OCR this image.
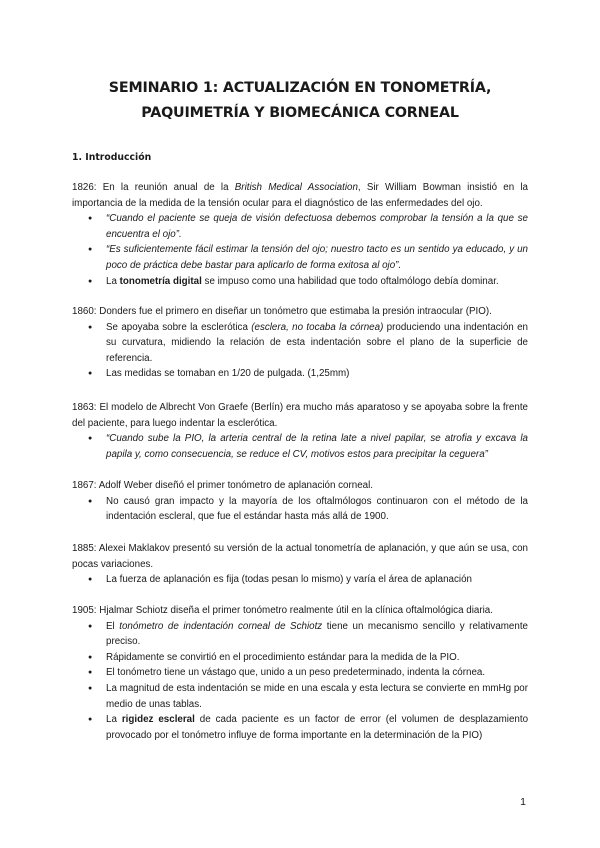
SEMINARIO 1: ACTUALIZACIÓN EN TONOMETRÍA,
PAQUIMETRÍA Y BIOMECÁNICA CORNEAL
1. Introducción

1826: En la reunión anual de la British Medical Association, Sir William Bowman insistió en la importancia de la medida de la tensión ocular para el diagnóstico de las enfermedades del ojo.

● “Cuando el paciente se queja de visión defectuosa debemos comprobar la tensión a la que se encuentra el ojo”.
● “Es suficientemente fácil estimar la tensión del ojo; nuestro tacto es un sentido ya educado, y un poco de práctica debe bastar para aplicarlo de forma exitosa al ojo”.
● La tonometría digital se impuso como una habilidad que todo oftalmólogo debía dominar.

1860: Donders fue el primero en diseñar un tonómetro que estimaba la presión intraocular (PIO).

● Se apoyaba sobre la esclerótica (esclera, no tocaba la córnea) produciendo una indentación en su curvatura, midiendo la relación de esta indentación sobre el plano de la superficie de referencia.
● Las medidas se tomaban en 1/20 de pulgada. (1,25mm)

1863: El modelo de Albrecht Von Graefe (Berlín) era mucho más aparatoso y se apoyaba sobre la frente del paciente, para luego indentar la esclerótica.

● “Cuando sube la PIO, la arteria central de la retina late a nivel papilar, se atrofia y excava la papila y, como consecuencia, se reduce el CV, motivos estos para precipitar la ceguera”

1867: Adolf Weber diseñó el primer tonómetro de aplanación corneal.

● No causó gran impacto y la mayoría de los oftalmólogos continuaron con el método de la indentación escleral, que fue el estándar hasta más allá de 1900.

1885: Alexei Maklakov presentó su versión de la actual tonometría de aplanación, y que aún se usa, con pocas variaciones.

● La fuerza de aplanación es fija (todas pesan lo mismo) y varía el área de aplanación

1905: Hjalmar Schiotz diseña el primer tonómetro realmente útil en la clínica oftalmológica diaria.

● El tonómetro de indentación corneal de Schiotz tiene un mecanismo sencillo y relativamente preciso.
● Rápidamente se convirtió en el procedimiento estándar para la medida de la PIO.
● El tonómetro tiene un vástago que, unido a un peso predeterminado, indenta la córnea.
● La magnitud de esta indentación se mide en una escala y esta lectura se convierte en mmHg por medio de unas tablas.
● La rigidez escleral de cada paciente es un factor de error (el volumen de desplazamiento provocado por el tonómetro influye de forma importante en la determinación de la PIO)
1
